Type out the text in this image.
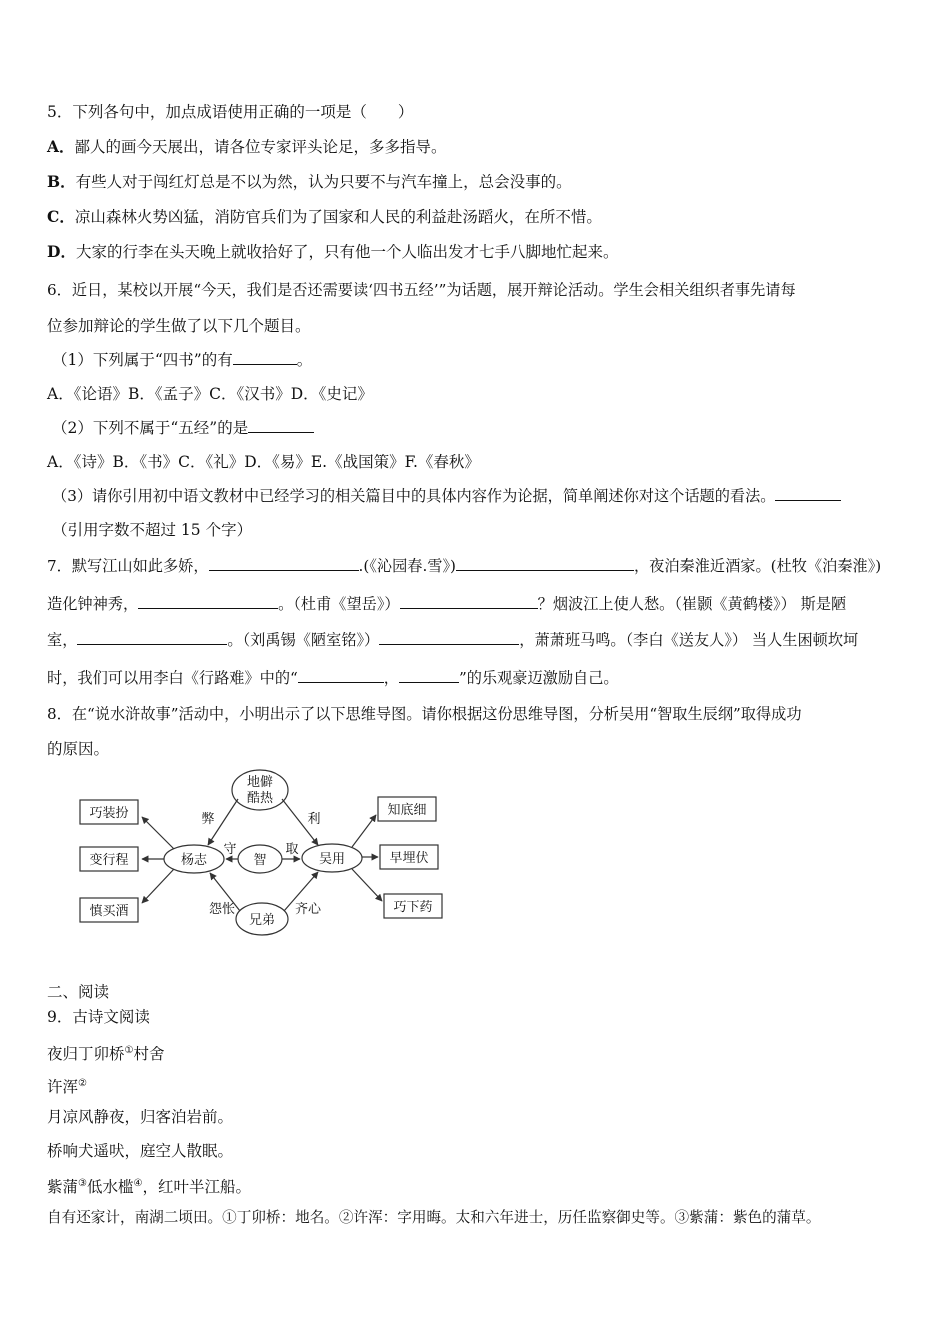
5．下列各句中，加点成语使用正确的一项是（　　）
A．鄙人的画今天展出，请各位专家评头论足，多多指导。
B．有些人对于闯红灯总是不以为然，认为只要不与汽车撞上，总会没事的。
C．凉山森林火势凶猛，消防官兵们为了国家和人民的利益赴汤蹈火，在所不惜。
D．大家的行李在头天晚上就收拾好了，只有他一个人临出发才七手八脚地忙起来。
6．近日，某校以开展“今天，我们是否还需要读‘四书五经’”为话题，展开辩论活动。学生会相关组织者事先请每
位参加辩论的学生做了以下几个题目。
（1）下列属于“四书”的有	。
A．《论语》B．《孟子》C．《汉书》D．《史记》
（2）下列不属于“五经”的是
A．《诗》B．《书》C．《礼》D．《易》E.《战国策》F.《春秋》
（3）请你引用初中语文教材中已经学习的相关篇目中的具体内容作为论据，简单阐述你对这个话题的看法。
（引用字数不超过 15 个字）
7．默写江山如此多娇，	.(《沁园春.雪》)	，夜泊秦淮近酒家。(杜牧《泊秦淮》)
造化钟神秀，	。（杜甫《望岳》）	？烟波江上使人愁。（崔颢《黄鹤楼》） 斯是陋
室，	。（刘禹锡《陋室铭》）	，萧萧班马鸣。（李白《送友人》） 当人生困顿坎坷
时，我们可以用李白《行路难》中的“	，	”的乐观豪迈激励自己。
8．在“说水浒故事”活动中，小明出示了以下思维导图。请你根据这份思维导图，分析吴用“智取生辰纲”取得成功
的原因。
巧装扮
变行程
慎买酒
知底细
早埋伏
巧下药
杨志	智	吴用
地僻
酷热
兄弟
弊	利
守	取
怨怅	齐心
二、阅读
9．古诗文阅读
夜归丁卯桥①村舍
许浑②
月凉风静夜，归客泊岩前。
桥响犬遥吠，庭空人散眠。
紫蒲③低水槛④，红叶半江船。
自有还家计，南湖二顷田。①丁卯桥：地名。②许浑：字用晦。太和六年进士，历任监察御史等。③紫蒲：紫色的蒲草。
